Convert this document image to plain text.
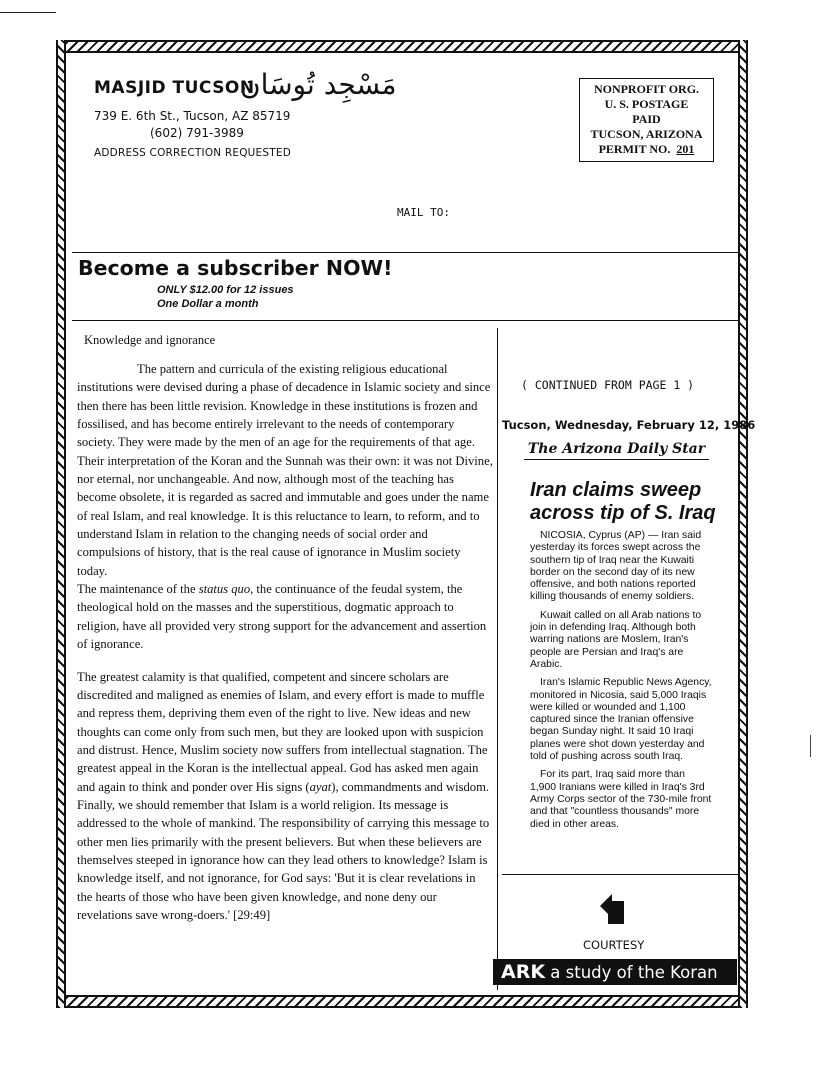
MASJID TUCSON
مَسْجِد تُوسَان
739 E. 6th St., Tucson, AZ 85719
(602) 791-3989
ADDRESS CORRECTION REQUESTED
NONPROFIT ORG.
U. S. POSTAGE
PAID
TUCSON, ARIZONA
PERMIT NO. 201
MAIL TO:
Become a subscriber NOW!
ONLY $12.00 for 12 issues
One Dollar a month
Knowledge and ignorance

The pattern and curricula of the existing religious educational institutions were devised during a phase of decadence in Islamic society and since then there has been little revision. Knowledge in these institutions is frozen and fossilised, and has become entirely irrelevant to the needs of contemporary society. They were made by the men of an age for the requirements of that age. Their interpretation of the Koran and the Sunnah was their own: it was not Divine, nor eternal, nor unchangeable. And now, although most of the teaching has become obsolete, it is regarded as sacred and immutable and goes under the name of real Islam, and real knowledge. It is this reluctance to learn, to reform, and to understand Islam in relation to the changing needs of social order and compulsions of history, that is the real cause of ignorance in Muslim society today.

The maintenance of the status quo, the continuance of the feudal system, the theological hold on the masses and the superstitious, dogmatic approach to religion, have all provided very strong support for the advancement and assertion of ignorance.

The greatest calamity is that qualified, competent and sincere scholars are discredited and maligned as enemies of Islam, and every effort is made to muffle and repress them, depriving them even of the right to live. New ideas and new thoughts can come only from such men, but they are looked upon with suspicion and distrust. Hence, Muslim society now suffers from intellectual stagnation. The greatest appeal in the Koran is the intellectual appeal. God has asked men again and again to think and ponder over His signs (ayat), commandments and wisdom. Finally, we should remember that Islam is a world religion. Its message is addressed to the whole of mankind. The responsibility of carrying this message to other men lies primarily with the present believers. But when these believers are themselves steeped in ignorance how can they lead others to knowledge? Islam is knowledge itself, and not ignorance, for God says: 'But it is clear revelations in the hearts of those who have been given knowledge, and none deny our revelations save wrong-doers.' [29:49]

( CONTINUED FROM PAGE 1 )
Tucson, Wednesday, February 12, 1986
The Arizona Daily Star
Iran claims sweep across tip of S. Iraq

NICOSIA, Cyprus (AP) — Iran said yesterday its forces swept across the southern tip of Iraq near the Kuwaiti border on the second day of its new offensive, and both nations reported killing thousands of enemy soldiers.

Kuwait called on all Arab nations to join in defending Iraq. Although both warring nations are Moslem, Iran's people are Persian and Iraq's are Arabic.

Iran's Islamic Republic News Agency, monitored in Nicosia, said 5,000 Iraqis were killed or wounded and 1,100 captured since the Iranian offensive began Sunday night. It said 10 Iraqi planes were shot down yesterday and told of pushing across south Iraq.

For its part, Iraq said more than 1,900 Iranians were killed in Iraq's 3rd Army Corps sector of the 730-mile front and that "countless thousands" more died in other areas.

COURTESY
ARK a study of the Koran
